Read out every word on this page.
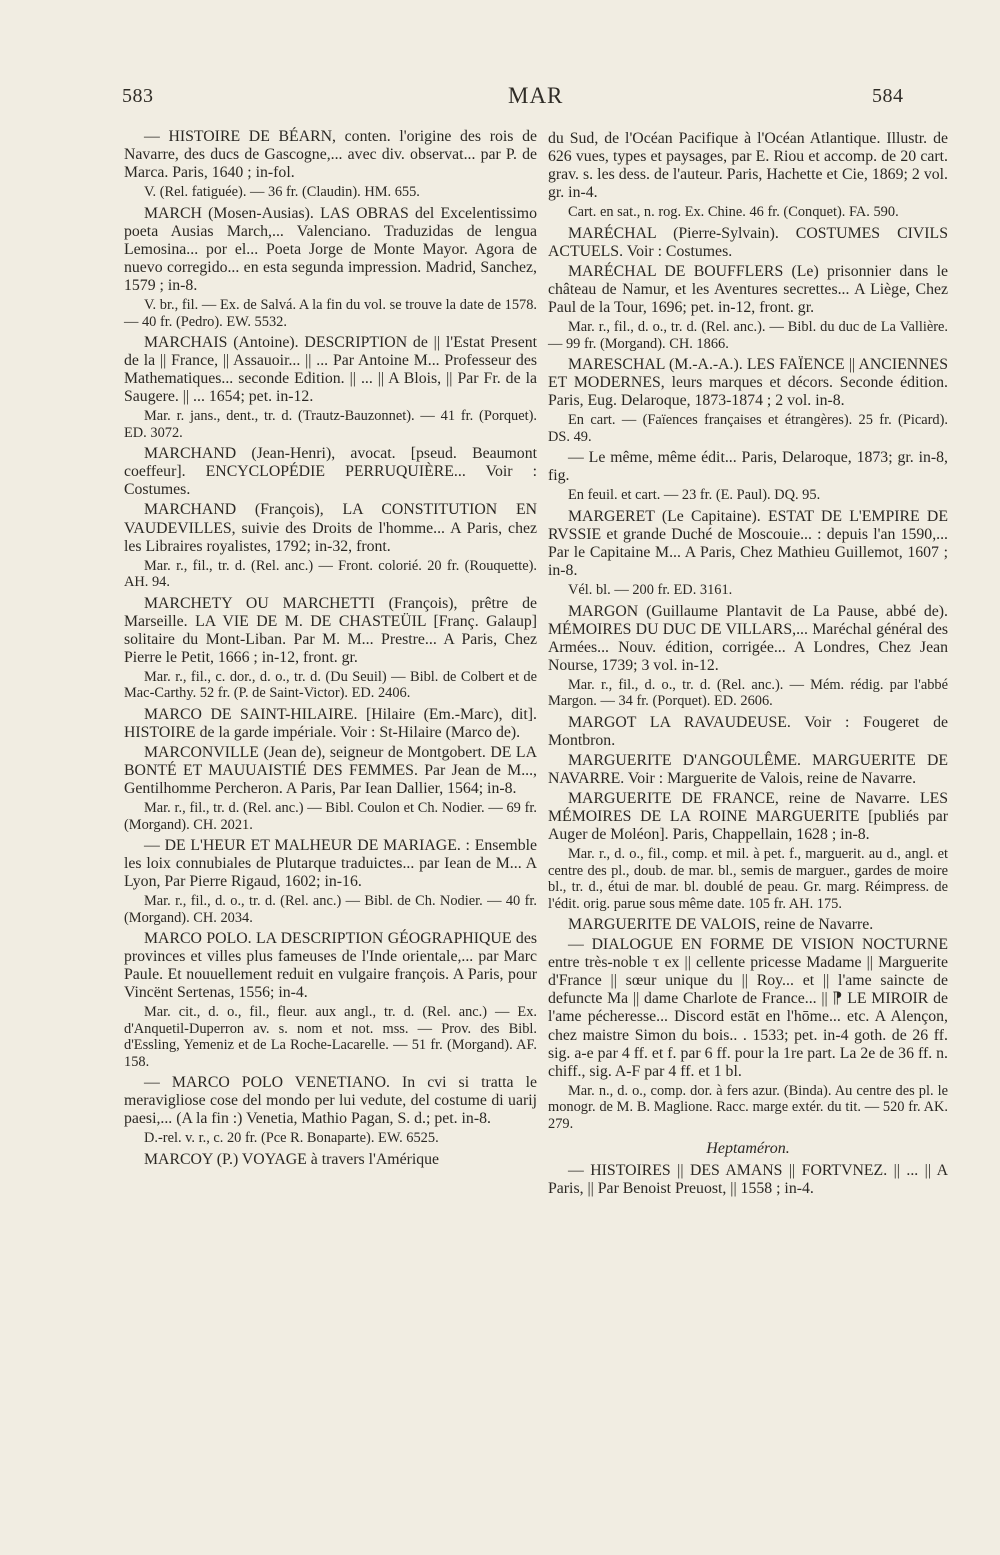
583	MAR	584

— HISTOIRE DE BÉARN, conten. l'origine des rois de Navarre, des ducs de Gascogne,... avec div. observat... par P. de Marca. Paris, 1640 ; in-fol.

V. (Rel. fatiguée). — 36 fr. (Claudin). HM. 655.

MARCH (Mosen-Ausias). LAS OBRAS del Excelentissimo poeta Ausias March,... Valenciano. Traduzidas de lengua Lemosina... por el... Poeta Jorge de Monte Mayor. Agora de nuevo corregido... en esta segunda impression. Madrid, Sanchez, 1579 ; in-8.

V. br., fil. — Ex. de Salvá. A la fin du vol. se trouve la date de 1578. — 40 fr. (Pedro). EW. 5532.

MARCHAIS (Antoine). DESCRIPTION de || l'Estat Present de la || France, || Assauoir... || ... Par Antoine M... Professeur des Mathematiques... seconde Edition. || ... || A Blois, || Par Fr. de la Saugere. || ... 1654; pet. in-12.

Mar. r. jans., dent., tr. d. (Trautz-Bauzonnet). — 41 fr. (Porquet). ED. 3072.

MARCHAND (Jean-Henri), avocat. [pseud. Beaumont coeffeur]. ENCYCLOPÉDIE PERRUQUIÈRE... Voir : Costumes.

MARCHAND (François), LA CONSTITUTION EN VAUDEVILLES, suivie des Droits de l'homme... A Paris, chez les Libraires royalistes, 1792; in-32, front.

Mar. r., fil., tr. d. (Rel. anc.) — Front. colorié. 20 fr. (Rouquette). AH. 94.

MARCHETY OU MARCHETTI (François), prêtre de Marseille. LA VIE DE M. DE CHASTEÜIL [Franç. Galaup] solitaire du Mont-Liban. Par M. M... Prestre... A Paris, Chez Pierre le Petit, 1666 ; in-12, front. gr.

Mar. r., fil., c. dor., d. o., tr. d. (Du Seuil) — Bibl. de Colbert et de Mac-Carthy. 52 fr. (P. de Saint-Victor). ED. 2406.

MARCO DE SAINT-HILAIRE. [Hilaire (Em.-Marc), dit]. HISTOIRE de la garde impériale. Voir : St-Hilaire (Marco de).

MARCONVILLE (Jean de), seigneur de Montgobert. DE LA BONTÉ ET MAUUAISTIÉ DES FEMMES. Par Jean de M..., Gentilhomme Percheron. A Paris, Par Iean Dallier, 1564; in-8.

Mar. r., fil., tr. d. (Rel. anc.) — Bibl. Coulon et Ch. Nodier. — 69 fr. (Morgand). CH. 2021.

— DE L'HEUR ET MALHEUR DE MARIAGE. : Ensemble les loix connubiales de Plutarque traduictes... par Iean de M... A Lyon, Par Pierre Rigaud, 1602; in-16.

Mar. r., fil., d. o., tr. d. (Rel. anc.) — Bibl. de Ch. Nodier. — 40 fr. (Morgand). CH. 2034.

MARCO POLO. LA DESCRIPTION GÉOGRAPHIQUE des provinces et villes plus fameuses de l'Inde orientale,... par Marc Paule. Et nouuellement reduit en vulgaire françois. A Paris, pour Vincënt Sertenas, 1556; in-4.

Mar. cit., d. o., fil., fleur. aux angl., tr. d. (Rel. anc.) — Ex. d'Anquetil-Duperron av. s. nom et not. mss. — Prov. des Bibl. d'Essling, Yemeniz et de La Roche-Lacarelle. — 51 fr. (Morgand). AF. 158.

— MARCO POLO VENETIANO. In cvi si tratta le meravigliose cose del mondo per lui vedute, del costume di uarij paesi,... (A la fin :) Venetia, Mathio Pagan, S. d.; pet. in-8.

D.-rel. v. r., c. 20 fr. (Pce R. Bonaparte). EW. 6525.

MARCOY (P.) VOYAGE à travers l'Amérique

du Sud, de l'Océan Pacifique à l'Océan Atlantique. Illustr. de 626 vues, types et paysages, par E. Riou et accomp. de 20 cart. grav. s. les dess. de l'auteur. Paris, Hachette et Cie, 1869; 2 vol. gr. in-4.

Cart. en sat., n. rog. Ex. Chine. 46 fr. (Conquet). FA. 590.

MARÉCHAL (Pierre-Sylvain). COSTUMES CIVILS ACTUELS. Voir : Costumes.

MARÉCHAL DE BOUFFLERS (Le) prisonnier dans le château de Namur, et les Aventures secrettes... A Liège, Chez Paul de la Tour, 1696; pet. in-12, front. gr.

Mar. r., fil., d. o., tr. d. (Rel. anc.). — Bibl. du duc de La Vallière. — 99 fr. (Morgand). CH. 1866.

MARESCHAL (M.-A.-A.). LES FAÏENCE || ANCIENNES ET MODERNES, leurs marques et décors. Seconde édition. Paris, Eug. Delaroque, 1873-1874 ; 2 vol. in-8.

En cart. — (Faïences françaises et étrangères). 25 fr. (Picard). DS. 49.

— Le même, même édit... Paris, Delaroque, 1873; gr. in-8, fig.

En feuil. et cart. — 23 fr. (E. Paul). DQ. 95.

MARGERET (Le Capitaine). ESTAT DE L'EMPIRE DE RVSSIE et grande Duché de Moscouie... : depuis l'an 1590,... Par le Capitaine M... A Paris, Chez Mathieu Guillemot, 1607 ; in-8.

Vél. bl. — 200 fr. ED. 3161.

MARGON (Guillaume Plantavit de La Pause, abbé de). MÉMOIRES DU DUC DE VILLARS,... Maréchal général des Armées... Nouv. édition, corrigée... A Londres, Chez Jean Nourse, 1739; 3 vol. in-12.

Mar. r., fil., d. o., tr. d. (Rel. anc.). — Mém. rédig. par l'abbé Margon. — 34 fr. (Porquet). ED. 2606.

MARGOT LA RAVAUDEUSE. Voir : Fougeret de Montbron.

MARGUERITE D'ANGOULÊME. MARGUERITE DE NAVARRE. Voir : Marguerite de Valois, reine de Navarre.

MARGUERITE DE FRANCE, reine de Navarre. LES MÉMOIRES DE LA ROINE MARGUERITE [publiés par Auger de Moléon]. Paris, Chappellain, 1628 ; in-8.

Mar. r., d. o., fil., comp. et mil. à pet. f., marguerit. au d., angl. et centre des pl., doub. de mar. bl., semis de marguer., gardes de moire bl., tr. d., étui de mar. bl. doublé de peau. Gr. marg. Réimpress. de l'édit. orig. parue sous même date. 105 fr. AH. 175.

MARGUERITE DE VALOIS, reine de Navarre.

— DIALOGUE EN FORME DE VISION NOCTURNE entre très-noble τ ex || cellente pricesse Madame || Marguerite d'France || sœur unique du || Roy... et || l'ame saincte de defuncte Ma || dame Charlote de France... || ⁋ LE MIROIR de l'ame pécheresse... Discord estāt en l'hōme... etc. A Alençon, chez maistre Simon du bois.. . 1533; pet. in-4 goth. de 26 ff. sig. a-e par 4 ff. et f. par 6 ff. pour la 1re part. La 2e de 36 ff. n. chiff., sig. A-F par 4 ff. et 1 bl.

Mar. n., d. o., comp. dor. à fers azur. (Binda). Au centre des pl. le monogr. de M. B. Maglione. Racc. marge extér. du tit. — 520 fr. AK. 279.

Heptaméron.

— HISTOIRES || DES AMANS || FORTVNEZ. || ... || A Paris, || Par Benoist Preuost, || 1558 ; in-4.
